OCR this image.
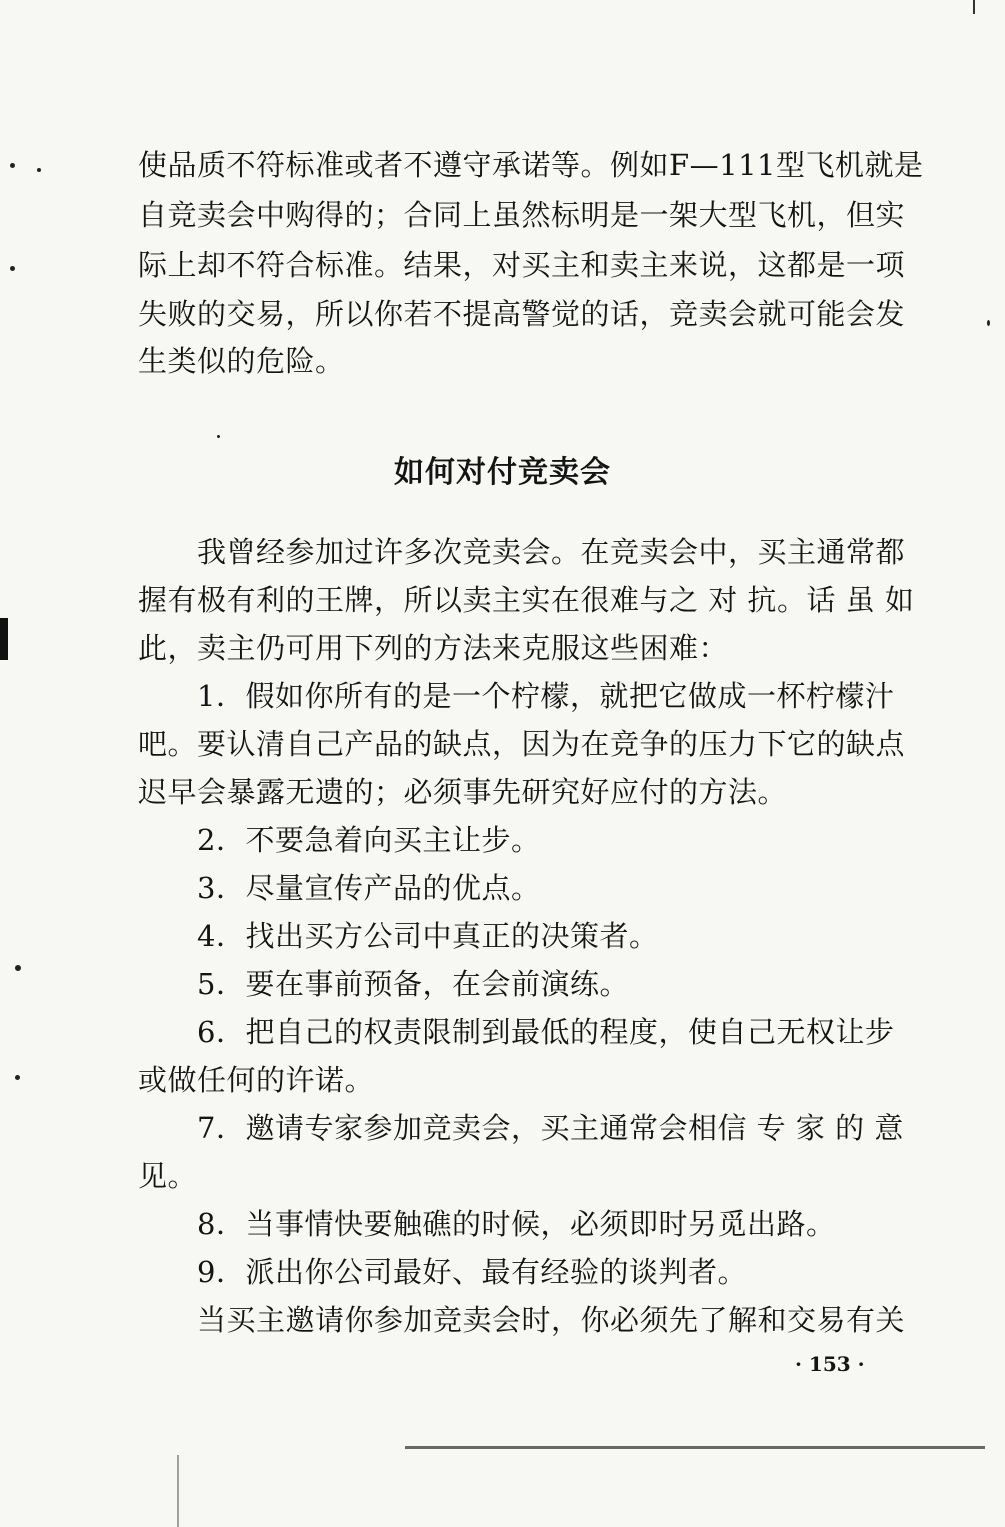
使品质不符标准或者不遵守承诺等。例如F—111型飞机就是
自竞卖会中购得的；合同上虽然标明是一架大型飞机，但实
际上却不符合标准。结果，对买主和卖主来说，这都是一项
失败的交易，所以你若不提高警觉的话，竞卖会就可能会发
生类似的危险。
如何对付竞卖会
　　我曾经参加过许多次竞卖会。在竞卖会中，买主通常都
握有极有利的王牌，所以卖主实在很难与之 对 抗。话 虽 如
此，卖主仍可用下列的方法来克服这些困难：
　　1．假如你所有的是一个柠檬，就把它做成一杯柠檬汁
吧。要认清自己产品的缺点，因为在竞争的压力下它的缺点
迟早会暴露无遗的；必须事先研究好应付的方法。
　　2．不要急着向买主让步。
　　3．尽量宣传产品的优点。
　　4．找出买方公司中真正的决策者。
　　5．要在事前预备，在会前演练。
　　6．把自己的权责限制到最低的程度，使自己无权让步
或做任何的许诺。
　　7．邀请专家参加竞卖会，买主通常会相信 专 家 的 意
见。
　　8．当事情快要触礁的时候，必须即时另觅出路。
　　9．派出你公司最好、最有经验的谈判者。
　　当买主邀请你参加竞卖会时，你必须先了解和交易有关
· 153 ·
